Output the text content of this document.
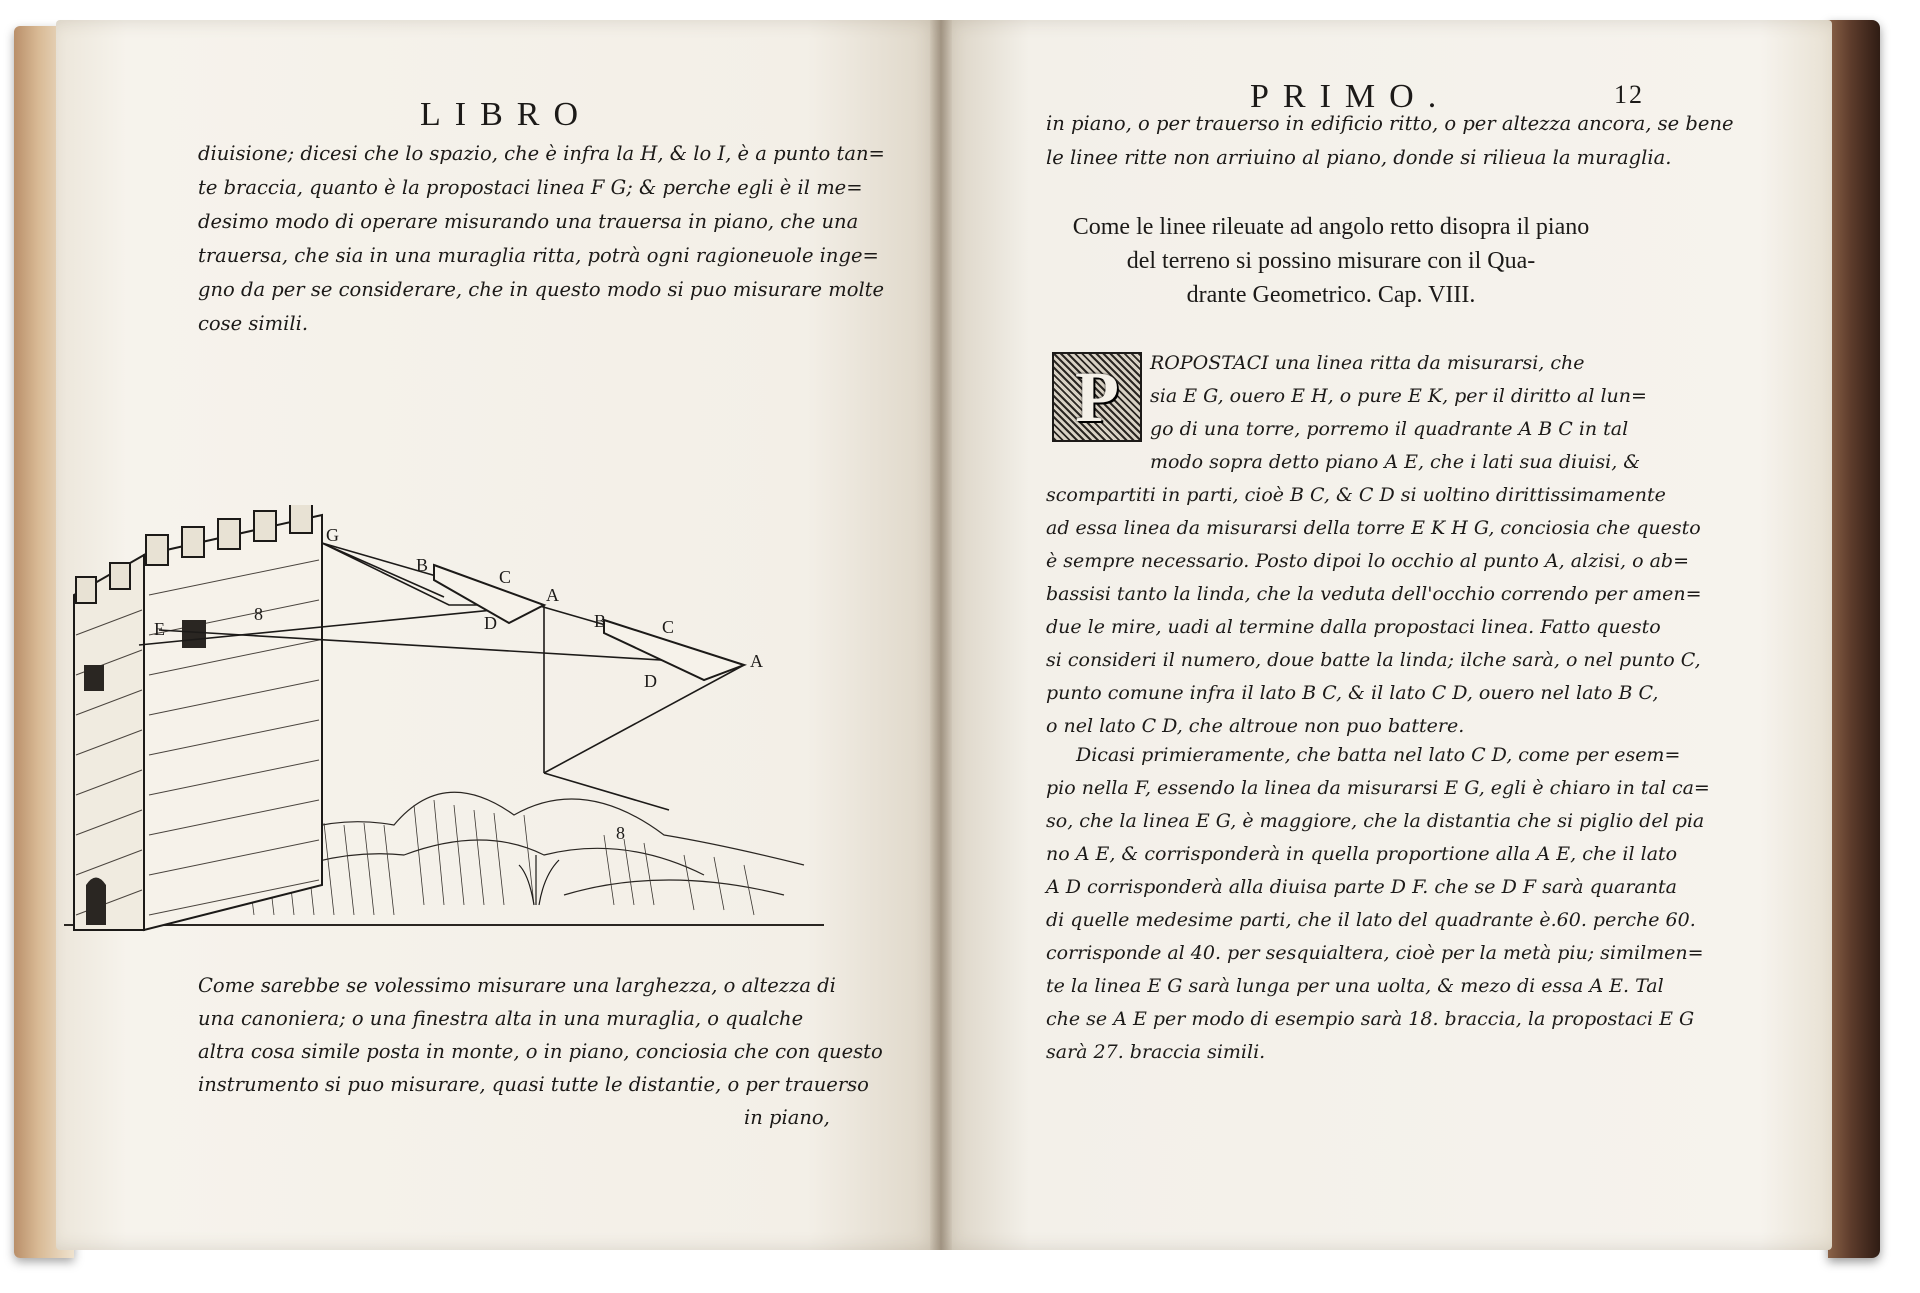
LIBRO
diuisione; dicesi che lo spazio, che è infra la H, & lo I, è a punto tan=
te braccia, quanto è la propostaci linea F G; & perche egli è il me=
desimo modo di operare misurando una trauersa in piano, che una
trauersa, che sia in una muraglia ritta, potrà ogni ragioneuole inge=
gno da per se considerare, che in questo modo si puo misurare molte
cose simili.
G
E
8
B
C
D
A
B	C
D
A
8
Come sarebbe se volessimo misurare una larghezza, o altezza di
una canoniera; o una finestra alta in una muraglia, o qualche
altra cosa simile posta in monte, o in piano, conciosia che con questo
instrumento si puo misurare, quasi tutte le distantie, o per trauerso
in piano,
PRIMO.	12
in piano, o per trauerso in edificio ritto, o per altezza ancora, se bene
le linee ritte non arriuino al piano, donde si rilieua la muraglia.
Come le linee rileuate ad angolo retto disopra il piano
del terreno si possino misurare con il Qua-
drante Geometrico. Cap. VIII.
P	ROPOSTACI una linea ritta da misurarsi, che
sia E G, ouero E H, o pure E K, per il diritto al lun=
go di una torre, porremo il quadrante A B C in tal
modo sopra detto piano A E, che i lati sua diuisi, &
scompartiti in parti, cioè B C, & C D si uoltino dirittissimamente
ad essa linea da misurarsi della torre E K H G, conciosia che questo
è sempre necessario. Posto dipoi lo occhio al punto A, alzisi, o ab=
bassisi tanto la linda, che la veduta dell'occhio correndo per amen=
due le mire, uadi al termine dalla propostaci linea. Fatto questo
si consideri il numero, doue batte la linda; ilche sarà, o nel punto C,
punto comune infra il lato B C, & il lato C D, ouero nel lato B C,
o nel lato C D, che altroue non puo battere.
Dicasi primieramente, che batta nel lato C D, come per esem=
pio nella F, essendo la linea da misurarsi E G, egli è chiaro in tal ca=
so, che la linea E G, è maggiore, che la distantia che si piglio del pia
no A E, & corrisponderà in quella proportione alla A E, che il lato
A D corrisponderà alla diuisa parte D F. che se D F sarà quaranta
di quelle medesime parti, che il lato del quadrante è.60. perche 60.
corrisponde al 40. per sesquialtera, cioè per la metà piu; similmen=
te la linea E G sarà lunga per una uolta, & mezo di essa A E. Tal
che se A E per modo di esempio sarà 18. braccia, la propostaci E G
sarà 27. braccia simili.
